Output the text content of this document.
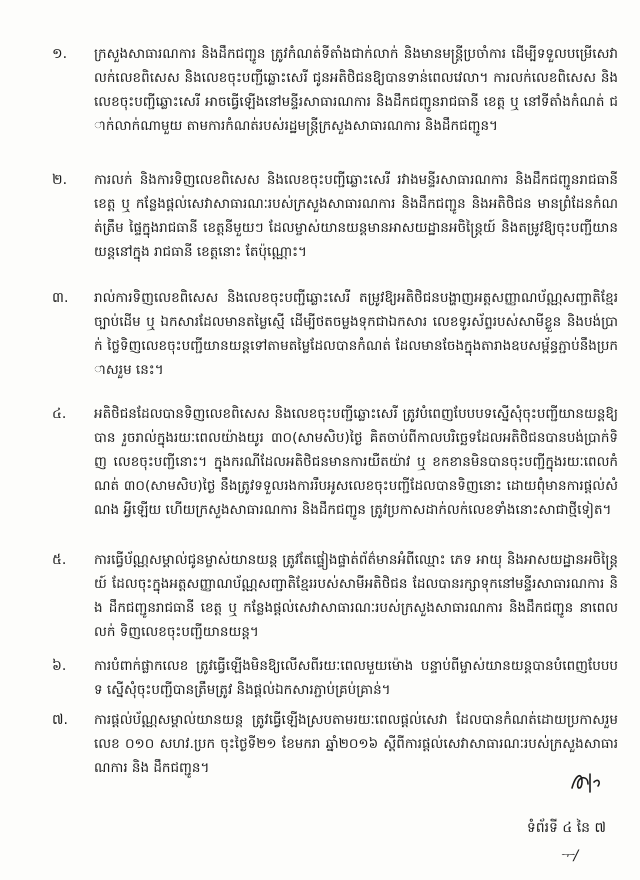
១.	ក្រសួងសាធារណការ និងដឹកជញ្ជូន ត្រូវកំណត់ទីតាំងជាក់លាក់ និងមានមន្ត្រីប្រចាំការ ដើម្បីទទួលបម្រើសេវា លក់លេខពិសេស និងលេខចុះបញ្ជីឆ្លោះសេរី ជូនអតិថិជនឱ្យបានទាន់ពេលវេលា។ ការលក់លេខពិសេស និងលេខចុះបញ្ជីឆ្លោះសេរី អាចធ្វើឡើងនៅមន្ទីរសាធារណការ និងដឹកជញ្ជូនរាជធានី ខេត្ត ឬ នៅទីតាំងកំណត់ ជាក់លាក់ណាមួយ តាមការកំណត់របស់រដ្ឋមន្ត្រីក្រសួងសាធារណការ និងដឹកជញ្ជូន។
២.	ការលក់ និងការទិញលេខពិសេស និងលេខចុះបញ្ជីឆ្លោះសេរី រវាងមន្ទីរសាធារណការ និងដឹកជញ្ជូនរាជធានី ខេត្ត ឬ កន្លែងផ្តល់សេវាសាធារណៈរបស់ក្រសួងសាធារណការ និងដឹកជញ្ជូន និងអតិថិជន មានព្រំដែនកំណត់ត្រឹម ផ្ទៃក្នុងរាជធានី ខេត្តនីមួយៗ ដែលម្ចាស់យានយន្តមានអាសយដ្ឋានអចិន្ត្រៃយ៍ និងតម្រូវឱ្យចុះបញ្ជីយានយន្តនៅក្នុង រាជធានី ខេត្តនោះ តែប៉ុណ្ណោះ។
៣.	រាល់ការទិញលេខពិសេស និងលេខចុះបញ្ជីឆ្លោះសេរី តម្រូវឱ្យអតិថិជនបង្ហាញអត្តសញ្ញាណប័ណ្ណសញ្ជាតិខ្មែរ ច្បាប់ដើម ឬ ឯកសារដែលមានតម្លៃស្មើ ដើម្បីថតចម្លងទុកជាឯកសារ លេខទូរស័ព្ទរបស់សាមីខ្លួន និងបង់ប្រាក់ ថ្លៃទិញលេខចុះបញ្ជីយានយន្តទៅតាមតម្លៃដែលបានកំណត់ ដែលមានចែងក្នុងតារាងឧបសម្ព័ន្ធភ្ជាប់នឹងប្រកាសរួម នេះ។
៤.	អតិថិជនដែលបានទិញលេខពិសេស និងលេខចុះបញ្ជីឆ្លោះសេរី ត្រូវបំពេញបែបបទស្នើសុំចុះបញ្ជីយានយន្តឱ្យបាន រួចរាល់ក្នុងរយៈពេលយ៉ាងយូរ ៣០(សាមសិប)ថ្ងៃ គិតចាប់ពីកាលបរិច្ឆេទដែលអតិថិជនបានបង់ប្រាក់ទិញ លេខចុះបញ្ជីនោះ។ ក្នុងករណីដែលអតិថិជនមានការយឺតយ៉ាវ ឬ ខកខានមិនបានចុះបញ្ជីក្នុងរយៈពេលកំណត់ ៣០(សាមសិប)ថ្ងៃ នឹងត្រូវទទួលរងការរឹបអូសលេខចុះបញ្ជីដែលបានទិញនោះ ដោយពុំមានការផ្តល់សំណង អ្វីឡើយ ហើយក្រសួងសាធារណការ និងដឹកជញ្ជូន ត្រូវប្រកាសដាក់លក់លេខទាំងនោះសាជាថ្មីទៀត។
៥.	ការធ្វើប័ណ្ណសម្គាល់ជូនម្ចាស់យានយន្ត ត្រូវតែផ្ទៀងផ្ទាត់ព័ត៌មានអំពីឈ្មោះ ភេទ អាយុ និងអាសយដ្ឋានអចិន្ត្រៃយ៍ ដែលចុះក្នុងអត្តសញ្ញាណប័ណ្ណសញ្ជាតិខ្មែររបស់សាមីអតិថិជន ដែលបានរក្សាទុកនៅមន្ទីរសាធារណការ និង ដឹកជញ្ជូនរាជធានី ខេត្ត ឬ កន្លែងផ្តល់សេវាសាធារណៈរបស់ក្រសួងសាធារណការ និងដឹកជញ្ជូន នាពេលលក់ ទិញលេខចុះបញ្ជីយានយន្ត។
៦.	ការបំពាក់ផ្លាកលេខ ត្រូវធ្វើឡើងមិនឱ្យលើសពីរយៈពេលមួយម៉ោង បន្ទាប់ពីម្ចាស់យានយន្តបានបំពេញបែបបទ ស្នើសុំចុះបញ្ជីបានត្រឹមត្រូវ និងផ្តល់ឯកសារភ្ជាប់គ្រប់គ្រាន់។
៧.	ការផ្តល់ប័ណ្ណសម្គាល់យានយន្ត ត្រូវធ្វើឡើងស្របតាមរយៈពេលផ្តល់សេវា ដែលបានកំណត់ដោយប្រកាសរួមលេខ ០១០ សហវ.ប្រក ចុះថ្ងៃទី២១ ខែមករា ឆ្នាំ២០១៦ ស្តីពីការផ្តល់សេវាសាធារណៈរបស់ក្រសួងសាធារណការ និង ដឹកជញ្ជូន។
ទំព័រទី ៤ នៃ ៧
ᅮ/
